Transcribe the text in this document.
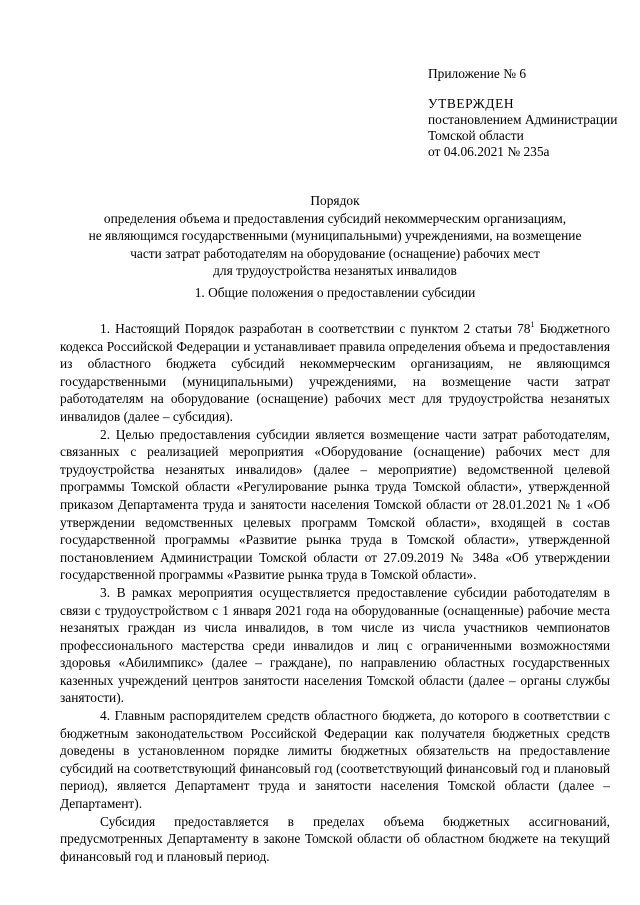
Приложение № 6
УТВЕРЖДЕН
постановлением Администрации
Томской области
от 04.06.2021 № 235а
Порядок
определения объема и предоставления субсидий некоммерческим организациям,
не являющимся государственными (муниципальными) учреждениями, на возмещение
части затрат работодателям на оборудование (оснащение) рабочих мест
для трудоустройства незанятых инвалидов
1. Общие положения о предоставлении субсидии

1. Настоящий Порядок разработан в соответствии с пунктом 2 статьи $78^1$ Бюджетного кодекса Российской Федерации и устанавливает правила определения объема и предоставления из областного бюджета субсидий некоммерческим организациям, не являющимся государственными (муниципальными) учреждениями, на возмещение части затрат работодателям на оборудование (оснащение) рабочих мест для трудоустройства незанятых инвалидов (далее – субсидия).

2. Целью предоставления субсидии является возмещение части затрат работодателям, связанных с реализацией мероприятия «Оборудование (оснащение) рабочих мест для трудоустройства незанятых инвалидов» (далее – мероприятие) ведомственной целевой программы Томской области «Регулирование рынка труда Томской области», утвержденной приказом Департамента труда и занятости населения Томской области от 28.01.2021 № 1 «Об утверждении ведомственных целевых программ Томской области», входящей в состав государственной программы «Развитие рынка труда в Томской области», утвержденной постановлением Администрации Томской области от 27.09.2019 № 348а «Об утверждении государственной программы «Развитие рынка труда в Томской области».

3. В рамках мероприятия осуществляется предоставление субсидии работодателям в связи с трудоустройством с 1 января 2021 года на оборудованные (оснащенные) рабочие места незанятых граждан из числа инвалидов, в том числе из числа участников чемпионатов профессионального мастерства среди инвалидов и лиц с ограниченными возможностями здоровья «Абилимпикс» (далее – граждане), по направлению областных государственных казенных учреждений центров занятости населения Томской области (далее – органы службы занятости).

4. Главным распорядителем средств областного бюджета, до которого в соответствии с бюджетным законодательством Российской Федерации как получателя бюджетных средств доведены в установленном порядке лимиты бюджетных обязательств на предоставление субсидий на соответствующий финансовый год (соответствующий финансовый год и плановый период), является Департамент труда и занятости населения Томской области (далее – Департамент).

Субсидия предоставляется в пределах объема бюджетных ассигнований, предусмотренных Департаменту в законе Томской области об областном бюджете на текущий финансовый год и плановый период.
